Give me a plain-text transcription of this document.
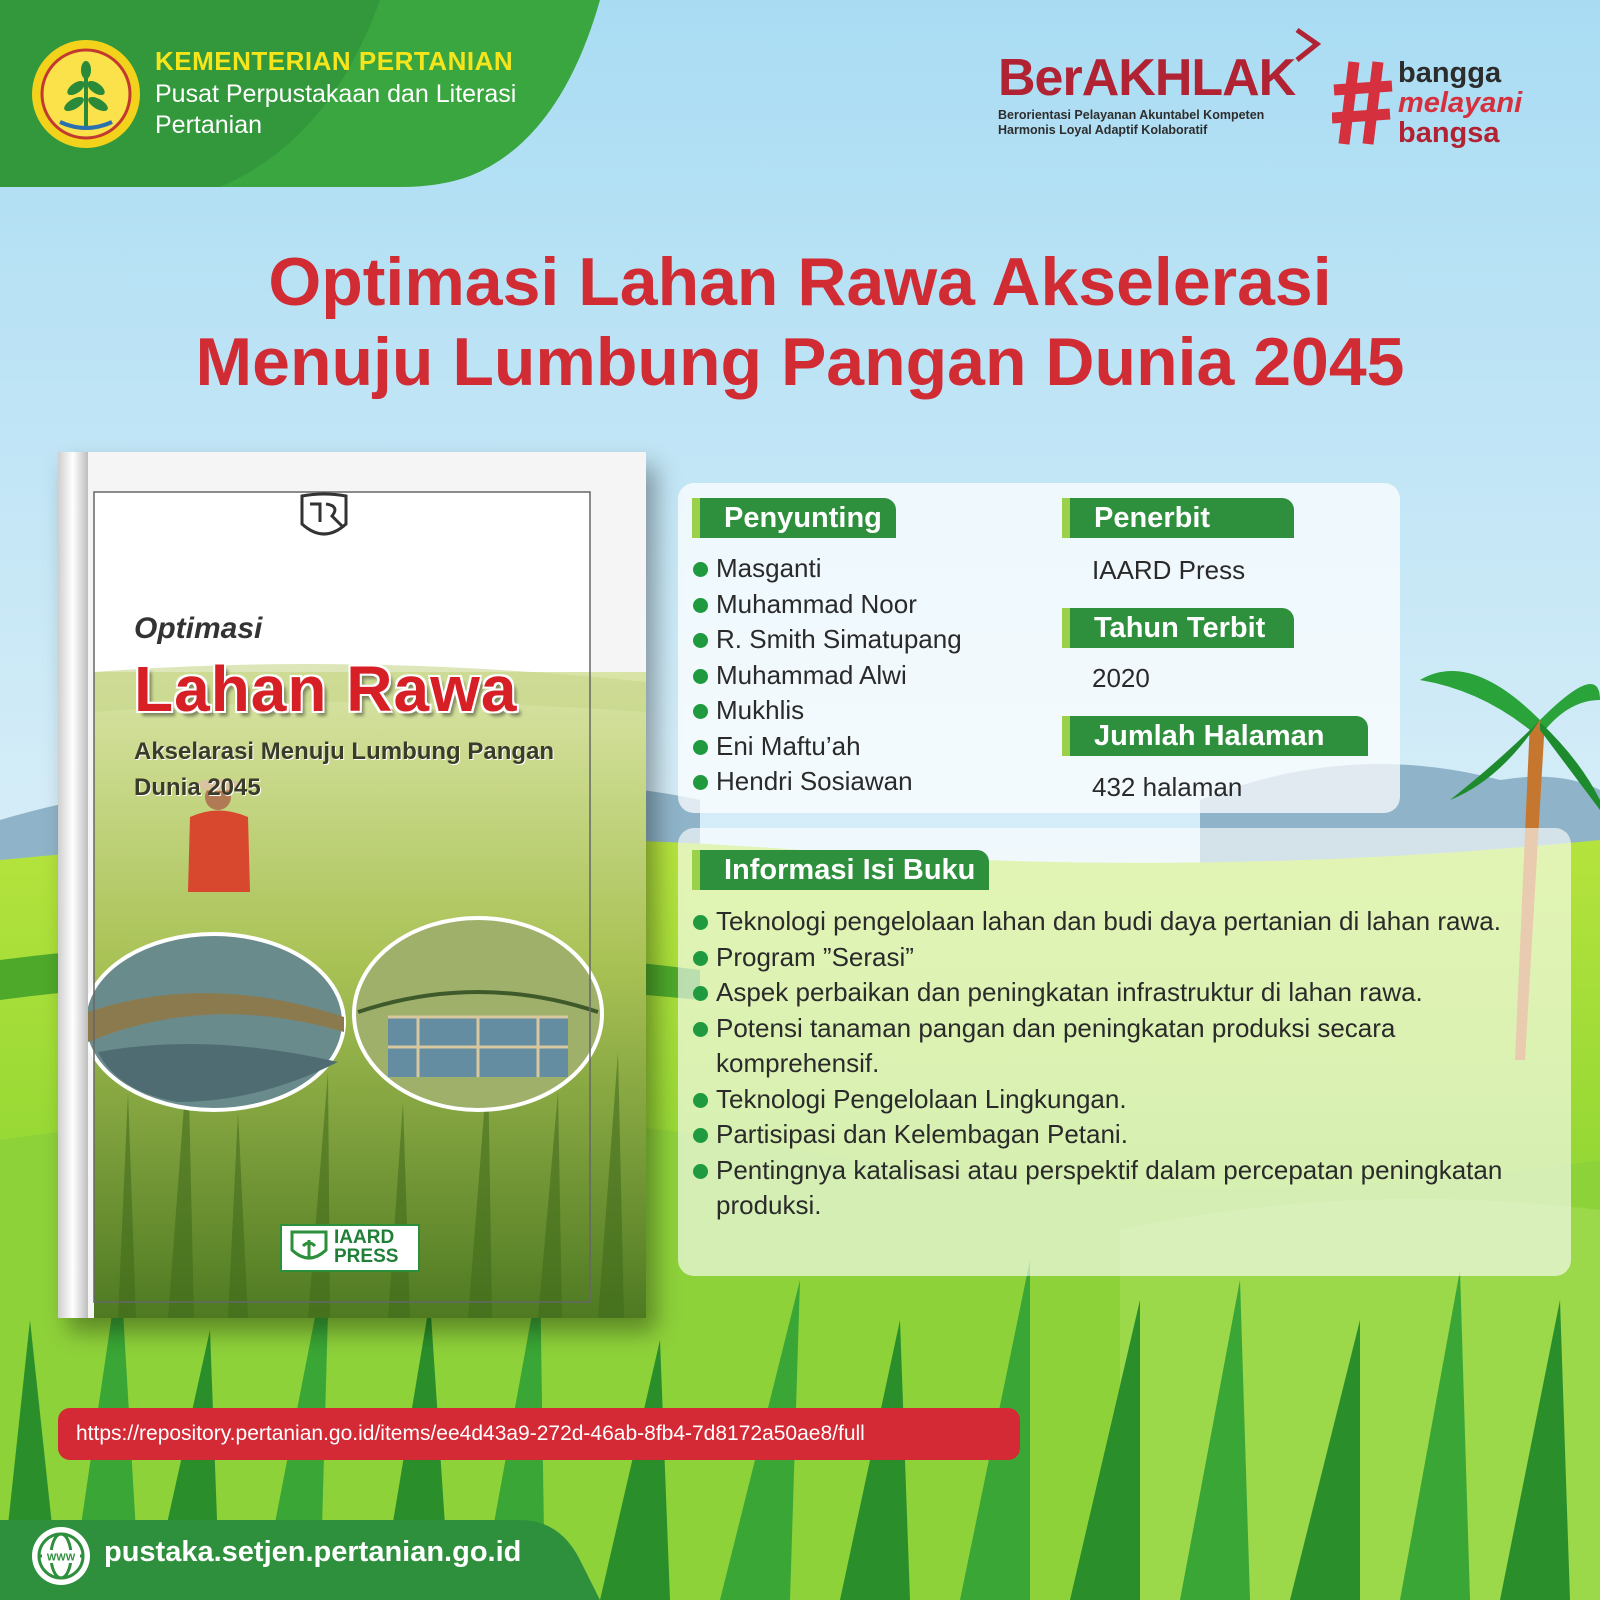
KEMENTERIAN PERTANIAN
Pusat Perpustakaan dan Literasi Pertanian
BerAKHLAK
Berorientasi Pelayanan Akuntabel Kompeten
Harmonis Loyal Adaptif Kolaboratif
bangga
melayani
bangsa
Optimasi Lahan Rawa Akselerasi
Menuju Lumbung Pangan Dunia 2045
Optimasi
Lahan Rawa
Akselarasi Menuju Lumbung Pangan Dunia 2045
IAARD
PRESS
Penyunting
Masganti
Muhammad Noor
R. Smith Simatupang
Muhammad Alwi
Mukhlis
Eni Maftu’ah
Hendri Sosiawan
Penerbit
IAARD Press
Tahun Terbit
2020
Jumlah Halaman
432 halaman
Informasi Isi Buku
Teknologi pengelolaan lahan dan budi daya pertanian di lahan rawa.
Program ”Serasi”
Aspek perbaikan dan peningkatan infrastruktur di lahan rawa.
Potensi tanaman pangan dan peningkatan produksi secara komprehensif.
Teknologi Pengelolaan Lingkungan.
Partisipasi dan Kelembagan Petani.
Pentingnya katalisasi atau perspektif dalam percepatan peningkatan produksi.
https://repository.pertanian.go.id/items/ee4d43a9-272d-46ab-8fb4-7d8172a50ae8/full
WWW pustaka.setjen.pertanian.go.id
